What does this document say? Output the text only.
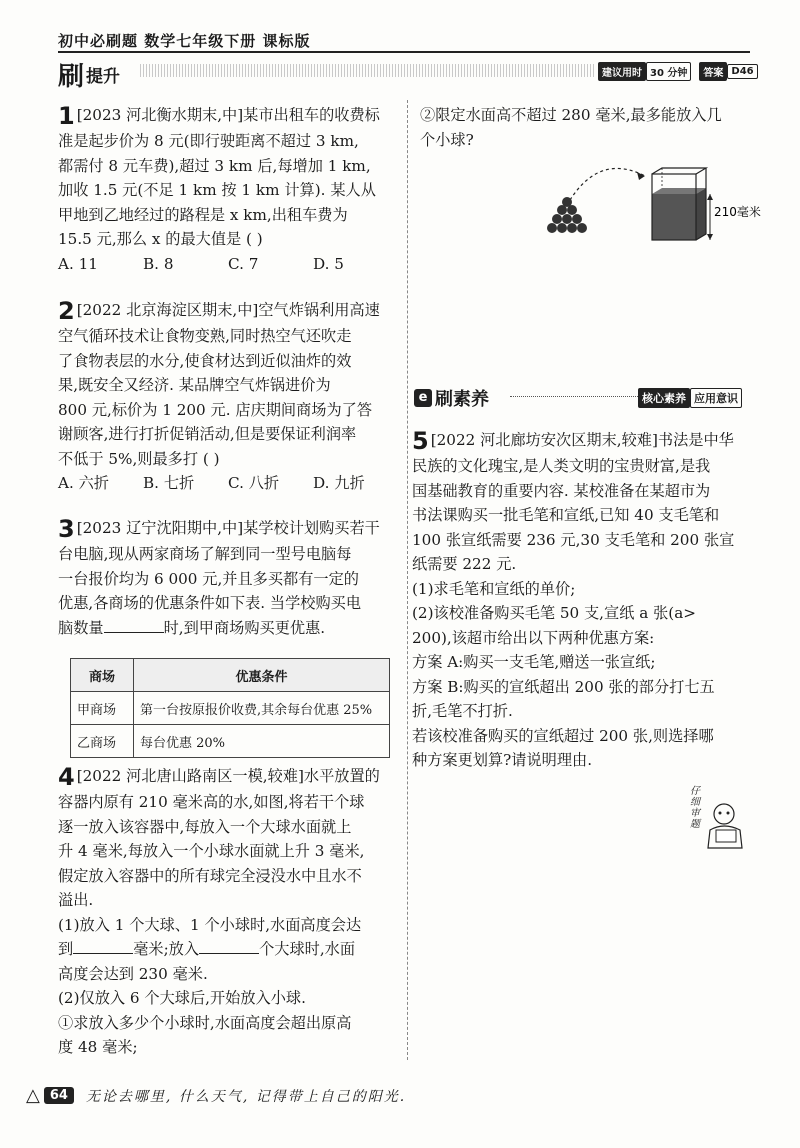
初中必刷题 数学七年级下册 课标版
刷 提升	建议用时 30 分钟	答案 D46
1 [2023 河北衡水期末,中]某市出租车的收费标
准是起步价为 8 元(即行驶距离不超过 3 km,
都需付 8 元车费),超过 3 km 后,每增加 1 km,
加收 1.5 元(不足 1 km 按 1 km 计算). 某人从
甲地到乙地经过的路程是 x km,出租车费为
15.5 元,那么 x 的最大值是 ( )
A. 11	B. 8	C. 7	D. 5
2 [2022 北京海淀区期末,中]空气炸锅利用高速
空气循环技术让食物变熟,同时热空气还吹走
了食物表层的水分,使食材达到近似油炸的效
果,既安全又经济. 某品牌空气炸锅进价为
800 元,标价为 1 200 元. 店庆期间商场为了答
谢顾客,进行打折促销活动,但是要保证利润率
不低于 5%,则最多打 ( )
A. 六折	B. 七折	C. 八折	D. 九折
3 [2023 辽宁沈阳期中,中]某学校计划购买若干
台电脑,现从两家商场了解到同一型号电脑每
一台报价均为 6 000 元,并且多买都有一定的
优惠,各商场的优惠条件如下表. 当学校购买电
脑数量	时,到甲商场购买更优惠.
商场	优惠条件
甲商场	第一台按原报价收费,其余每台优惠 25%
乙商场	每台优惠 20%
4 [2022 河北唐山路南区一模,较难]水平放置的
容器内原有 210 毫米高的水,如图,将若干个球
逐一放入该容器中,每放入一个大球水面就上
升 4 毫米,每放入一个小球水面就上升 3 毫米,
假定放入容器中的所有球完全浸没水中且水不
溢出.
(1)放入 1 个大球、1 个小球时,水面高度会达
到	毫米;放入	个大球时,水面
高度会达到 230 毫米.
(2)仅放入 6 个大球后,开始放入小球.
①求放入多少个小球时,水面高度会超出原高
度 48 毫米;
②限定水面高不超过 280 毫米,最多能放入几
个小球?
210毫米
e 刷素养	核心素养 应用意识
5 [2022 河北廊坊安次区期末,较难]书法是中华
民族的文化瑰宝,是人类文明的宝贵财富,是我
国基础教育的重要内容. 某校准备在某超市为
书法课购买一批毛笔和宣纸,已知 40 支毛笔和
100 张宣纸需要 236 元,30 支毛笔和 200 张宣
纸需要 222 元.
(1)求毛笔和宣纸的单价;
(2)该校准备购买毛笔 50 支,宣纸 a 张(a>
200),该超市给出以下两种优惠方案:
方案 A:购买一支毛笔,赠送一张宣纸;
方案 B:购买的宣纸超出 200 张的部分打七五
折,毛笔不打折.
若该校准备购买的宣纸超过 200 张,则选择哪
种方案更划算?请说明理由.
仔细审题
△ 64	无论去哪里, 什么天气, 记得带上自己的阳光.
